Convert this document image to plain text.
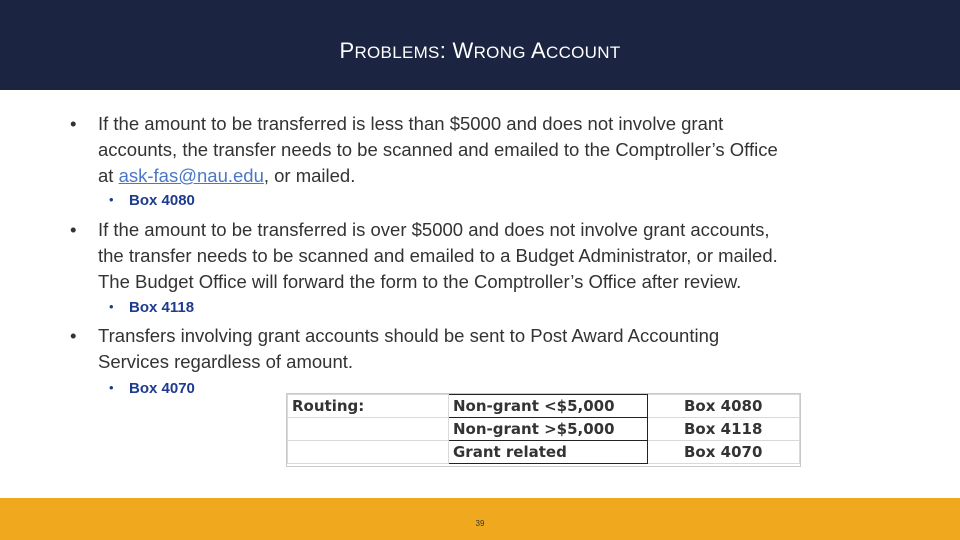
PROBLEMS: WRONG ACCOUNT
• If the amount to be transferred is less than $5000 and does not involve grant
accounts, the transfer needs to be scanned and emailed to the Comptroller’s Office
at ask-fas@nau.edu, or mailed.
• Box 4080
• If the amount to be transferred is over $5000 and does not involve grant accounts,
the transfer needs to be scanned and emailed to a Budget Administrator, or mailed.
The Budget Office will forward the form to the Comptroller’s Office after review.
• Box 4118
• Transfers involving grant accounts should be sent to Post Award Accounting
Services regardless of amount.
• Box 4070
Routing:	Non-grant <$5,000	Box 4080
	Non-grant >$5,000	Box 4118
	Grant related	Box 4070
39
